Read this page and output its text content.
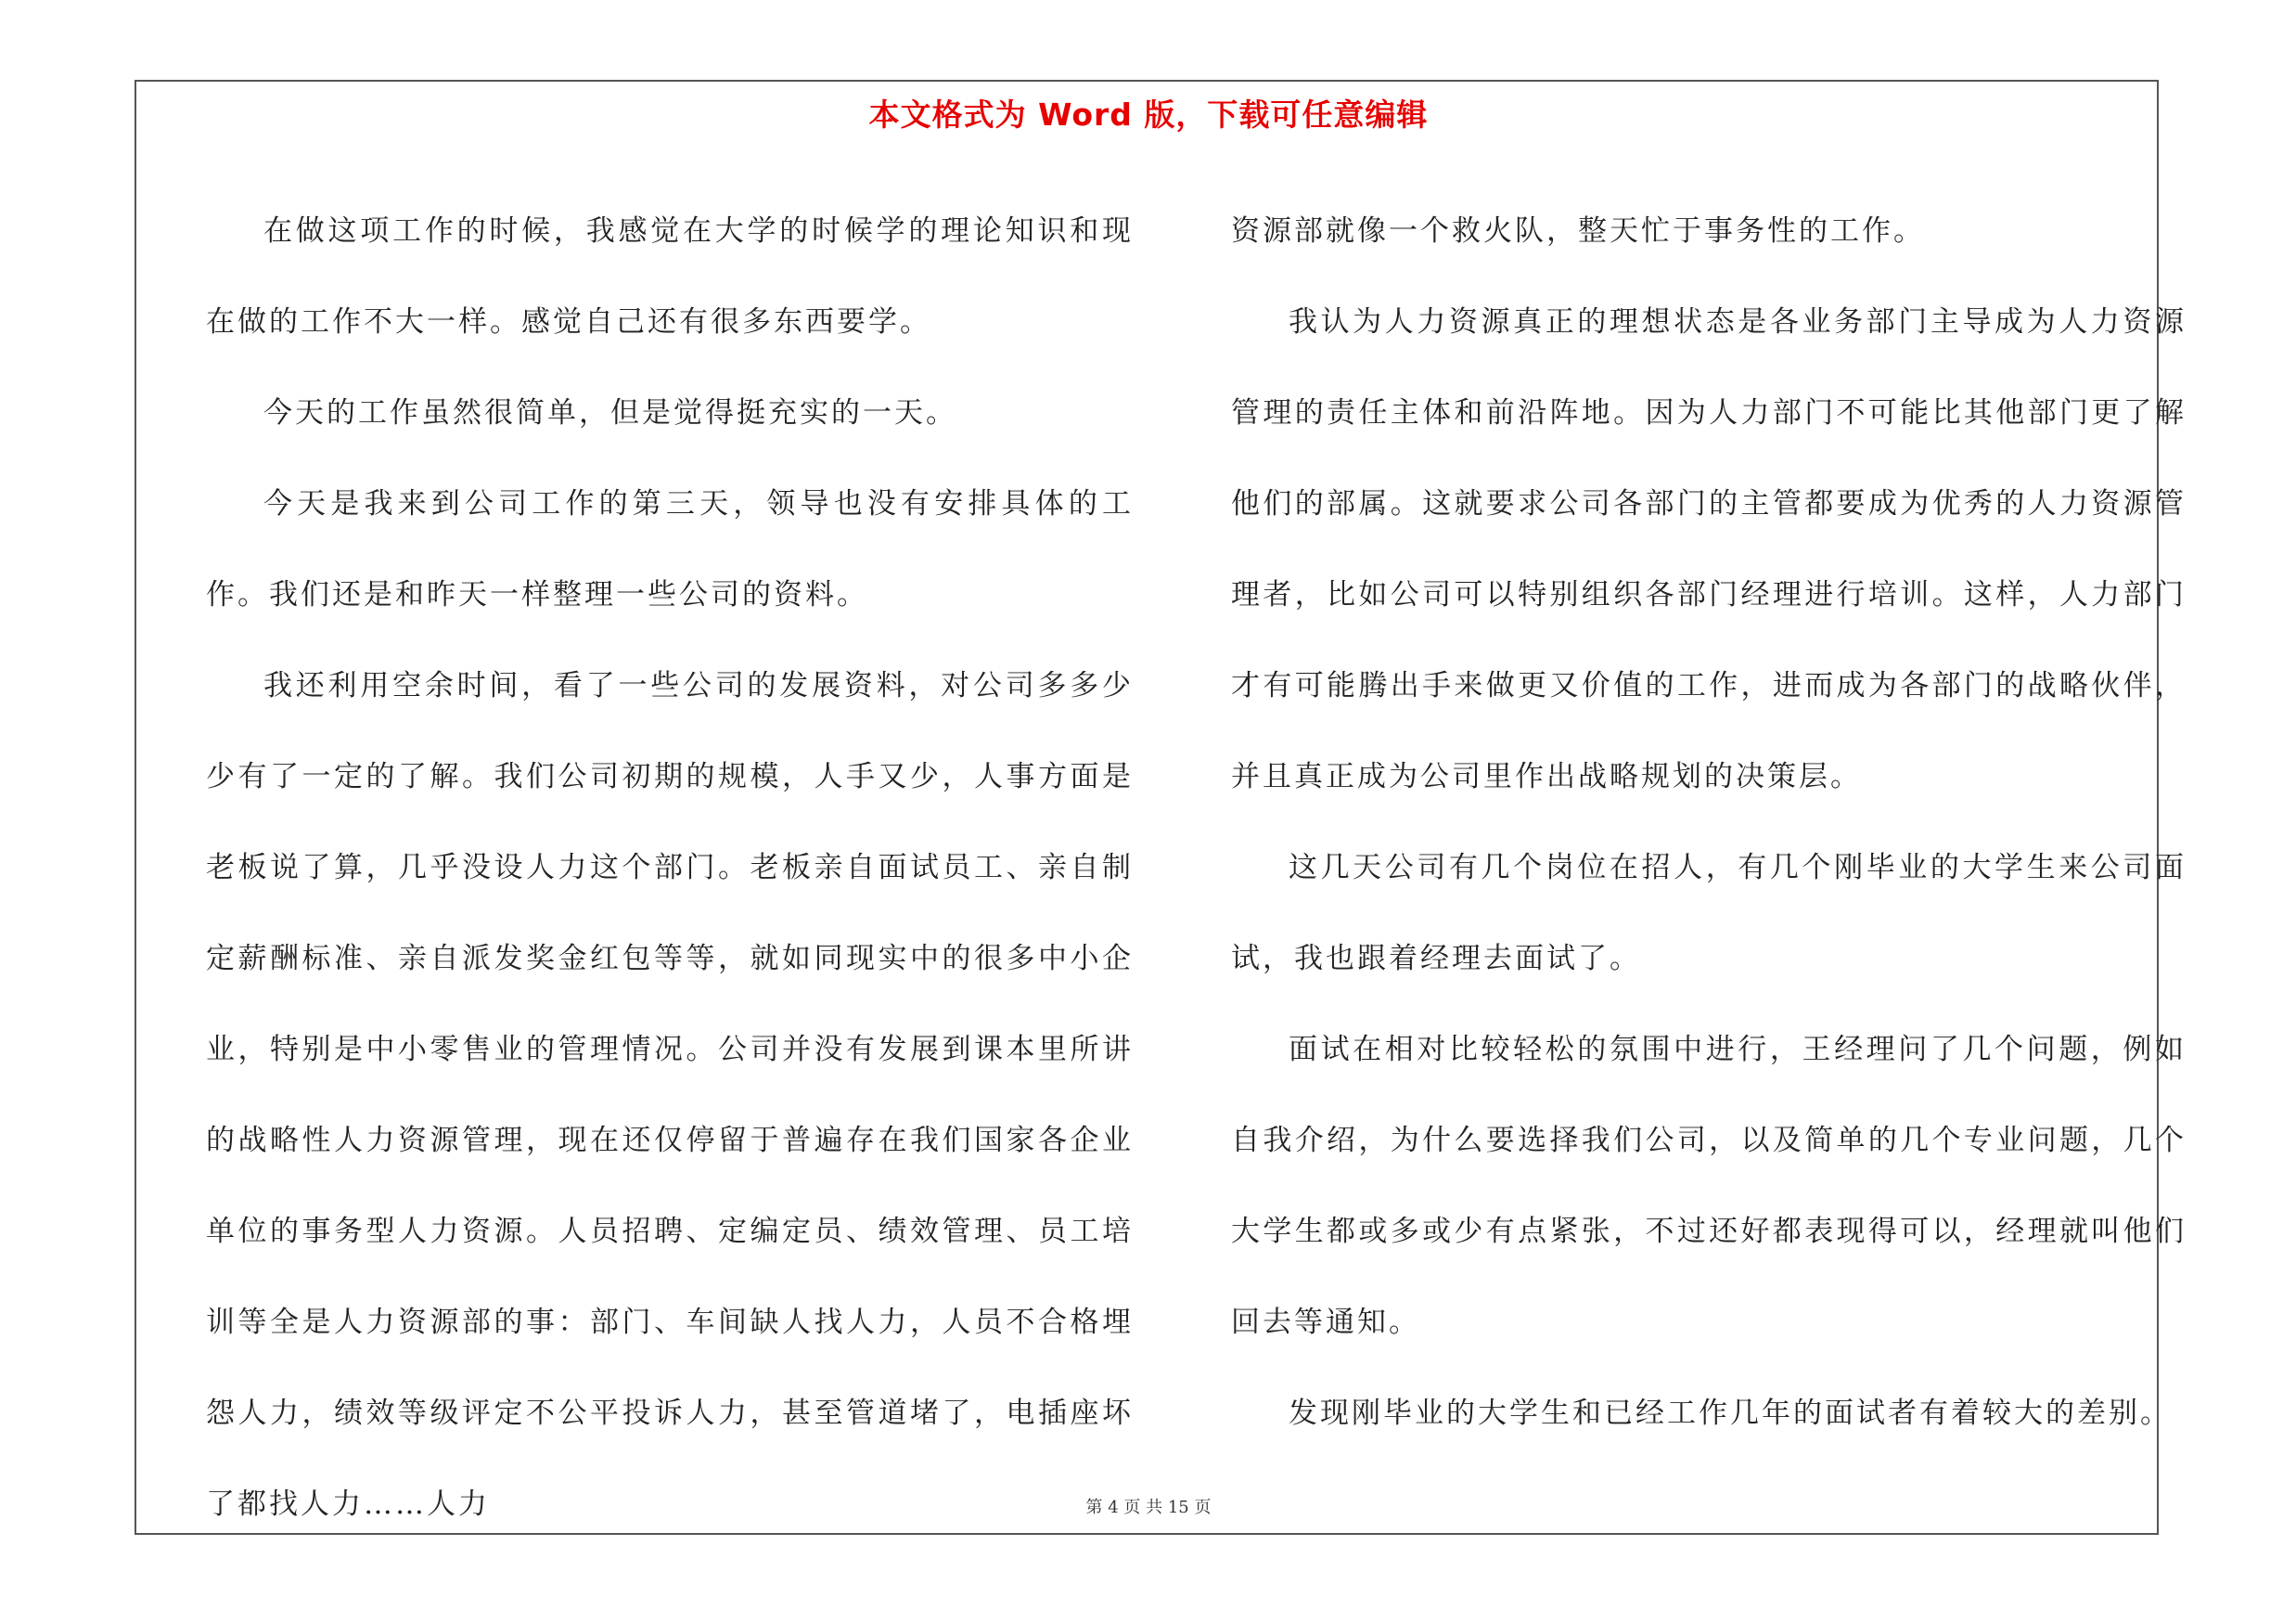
本文格式为 Word 版，下载可任意编辑

在做这项工作的时候，我感觉在大学的时候学的理论知识和现在做的工作不大一样。感觉自己还有很多东西要学。

今天的工作虽然很简单，但是觉得挺充实的一天。

今天是我来到公司工作的第三天，领导也没有安排具体的工作。我们还是和昨天一样整理一些公司的资料。

我还利用空余时间，看了一些公司的发展资料，对公司多多少少有了一定的了解。我们公司初期的规模，人手又少，人事方面是老板说了算，几乎没设人力这个部门。老板亲自面试员工、亲自制定薪酬标准、亲自派发奖金红包等等，就如同现实中的很多中小企业，特别是中小零售业的管理情况。公司并没有发展到课本里所讲的战略性人力资源管理，现在还仅停留于普遍存在我们国家各企业单位的事务型人力资源。人员招聘、定编定员、绩效管理、员工培训等全是人力资源部的事：部门、车间缺人找人力，人员不合格埋怨人力，绩效等级评定不公平投诉人力，甚至管道堵了，电插座坏了都找人力……人力

资源部就像一个救火队，整天忙于事务性的工作。

我认为人力资源真正的理想状态是各业务部门主导成为人力资源管理的责任主体和前沿阵地。因为人力部门不可能比其他部门更了解他们的部属。这就要求公司各部门的主管都要成为优秀的人力资源管理者，比如公司可以特别组织各部门经理进行培训。这样，人力部门才有可能腾出手来做更又价值的工作，进而成为各部门的战略伙伴，并且真正成为公司里作出战略规划的决策层。

这几天公司有几个岗位在招人，有几个刚毕业的大学生来公司面试，我也跟着经理去面试了。

面试在相对比较轻松的氛围中进行，王经理问了几个问题，例如自我介绍，为什么要选择我们公司，以及简单的几个专业问题，几个大学生都或多或少有点紧张，不过还好都表现得可以，经理就叫他们回去等通知。

发现刚毕业的大学生和已经工作几年的面试者有着较大的差别。

第 4 页 共 15 页
